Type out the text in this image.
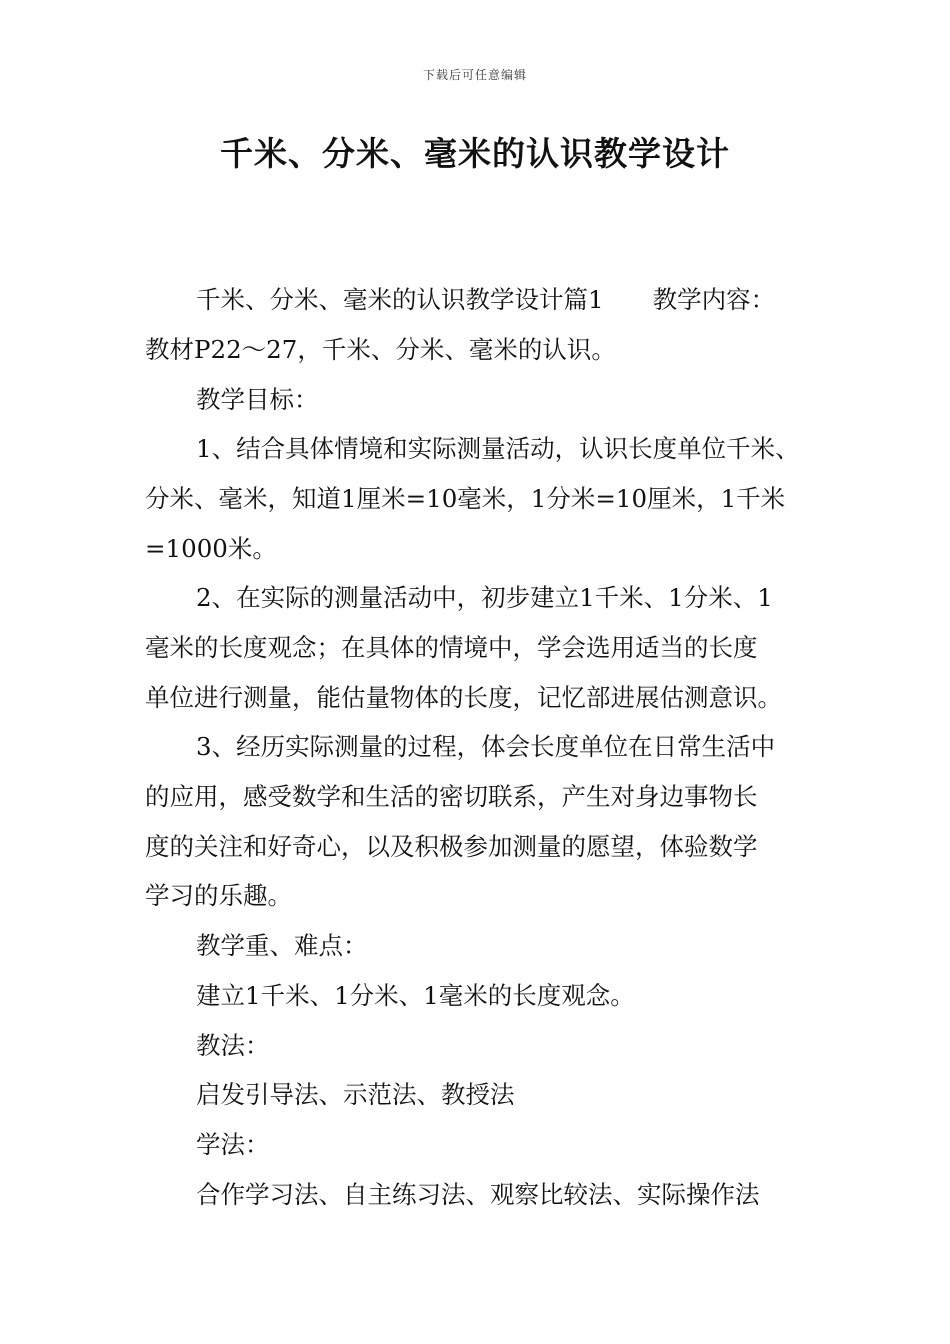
下载后可任意编辑
千米、分米、毫米的认识教学设计
千米、分米、毫米的认识教学设计篇1　　教学内容：
教材P22～27，千米、分米、毫米的认识。
教学目标：
1、结合具体情境和实际测量活动，认识长度单位千米、
分米、毫米，知道1厘米=10毫米，1分米=10厘米，1千米
=1000米。
2、在实际的测量活动中，初步建立1千米、1分米、1
毫米的长度观念；在具体的情境中，学会选用适当的长度
单位进行测量，能估量物体的长度，记忆部进展估测意识。
3、经历实际测量的过程，体会长度单位在日常生活中
的应用，感受数学和生活的密切联系，产生对身边事物长
度的关注和好奇心，以及积极参加测量的愿望，体验数学
学习的乐趣。
教学重、难点：
建立1千米、1分米、1毫米的长度观念。
教法：
启发引导法、示范法、教授法
学法：
合作学习法、自主练习法、观察比较法、实际操作法
